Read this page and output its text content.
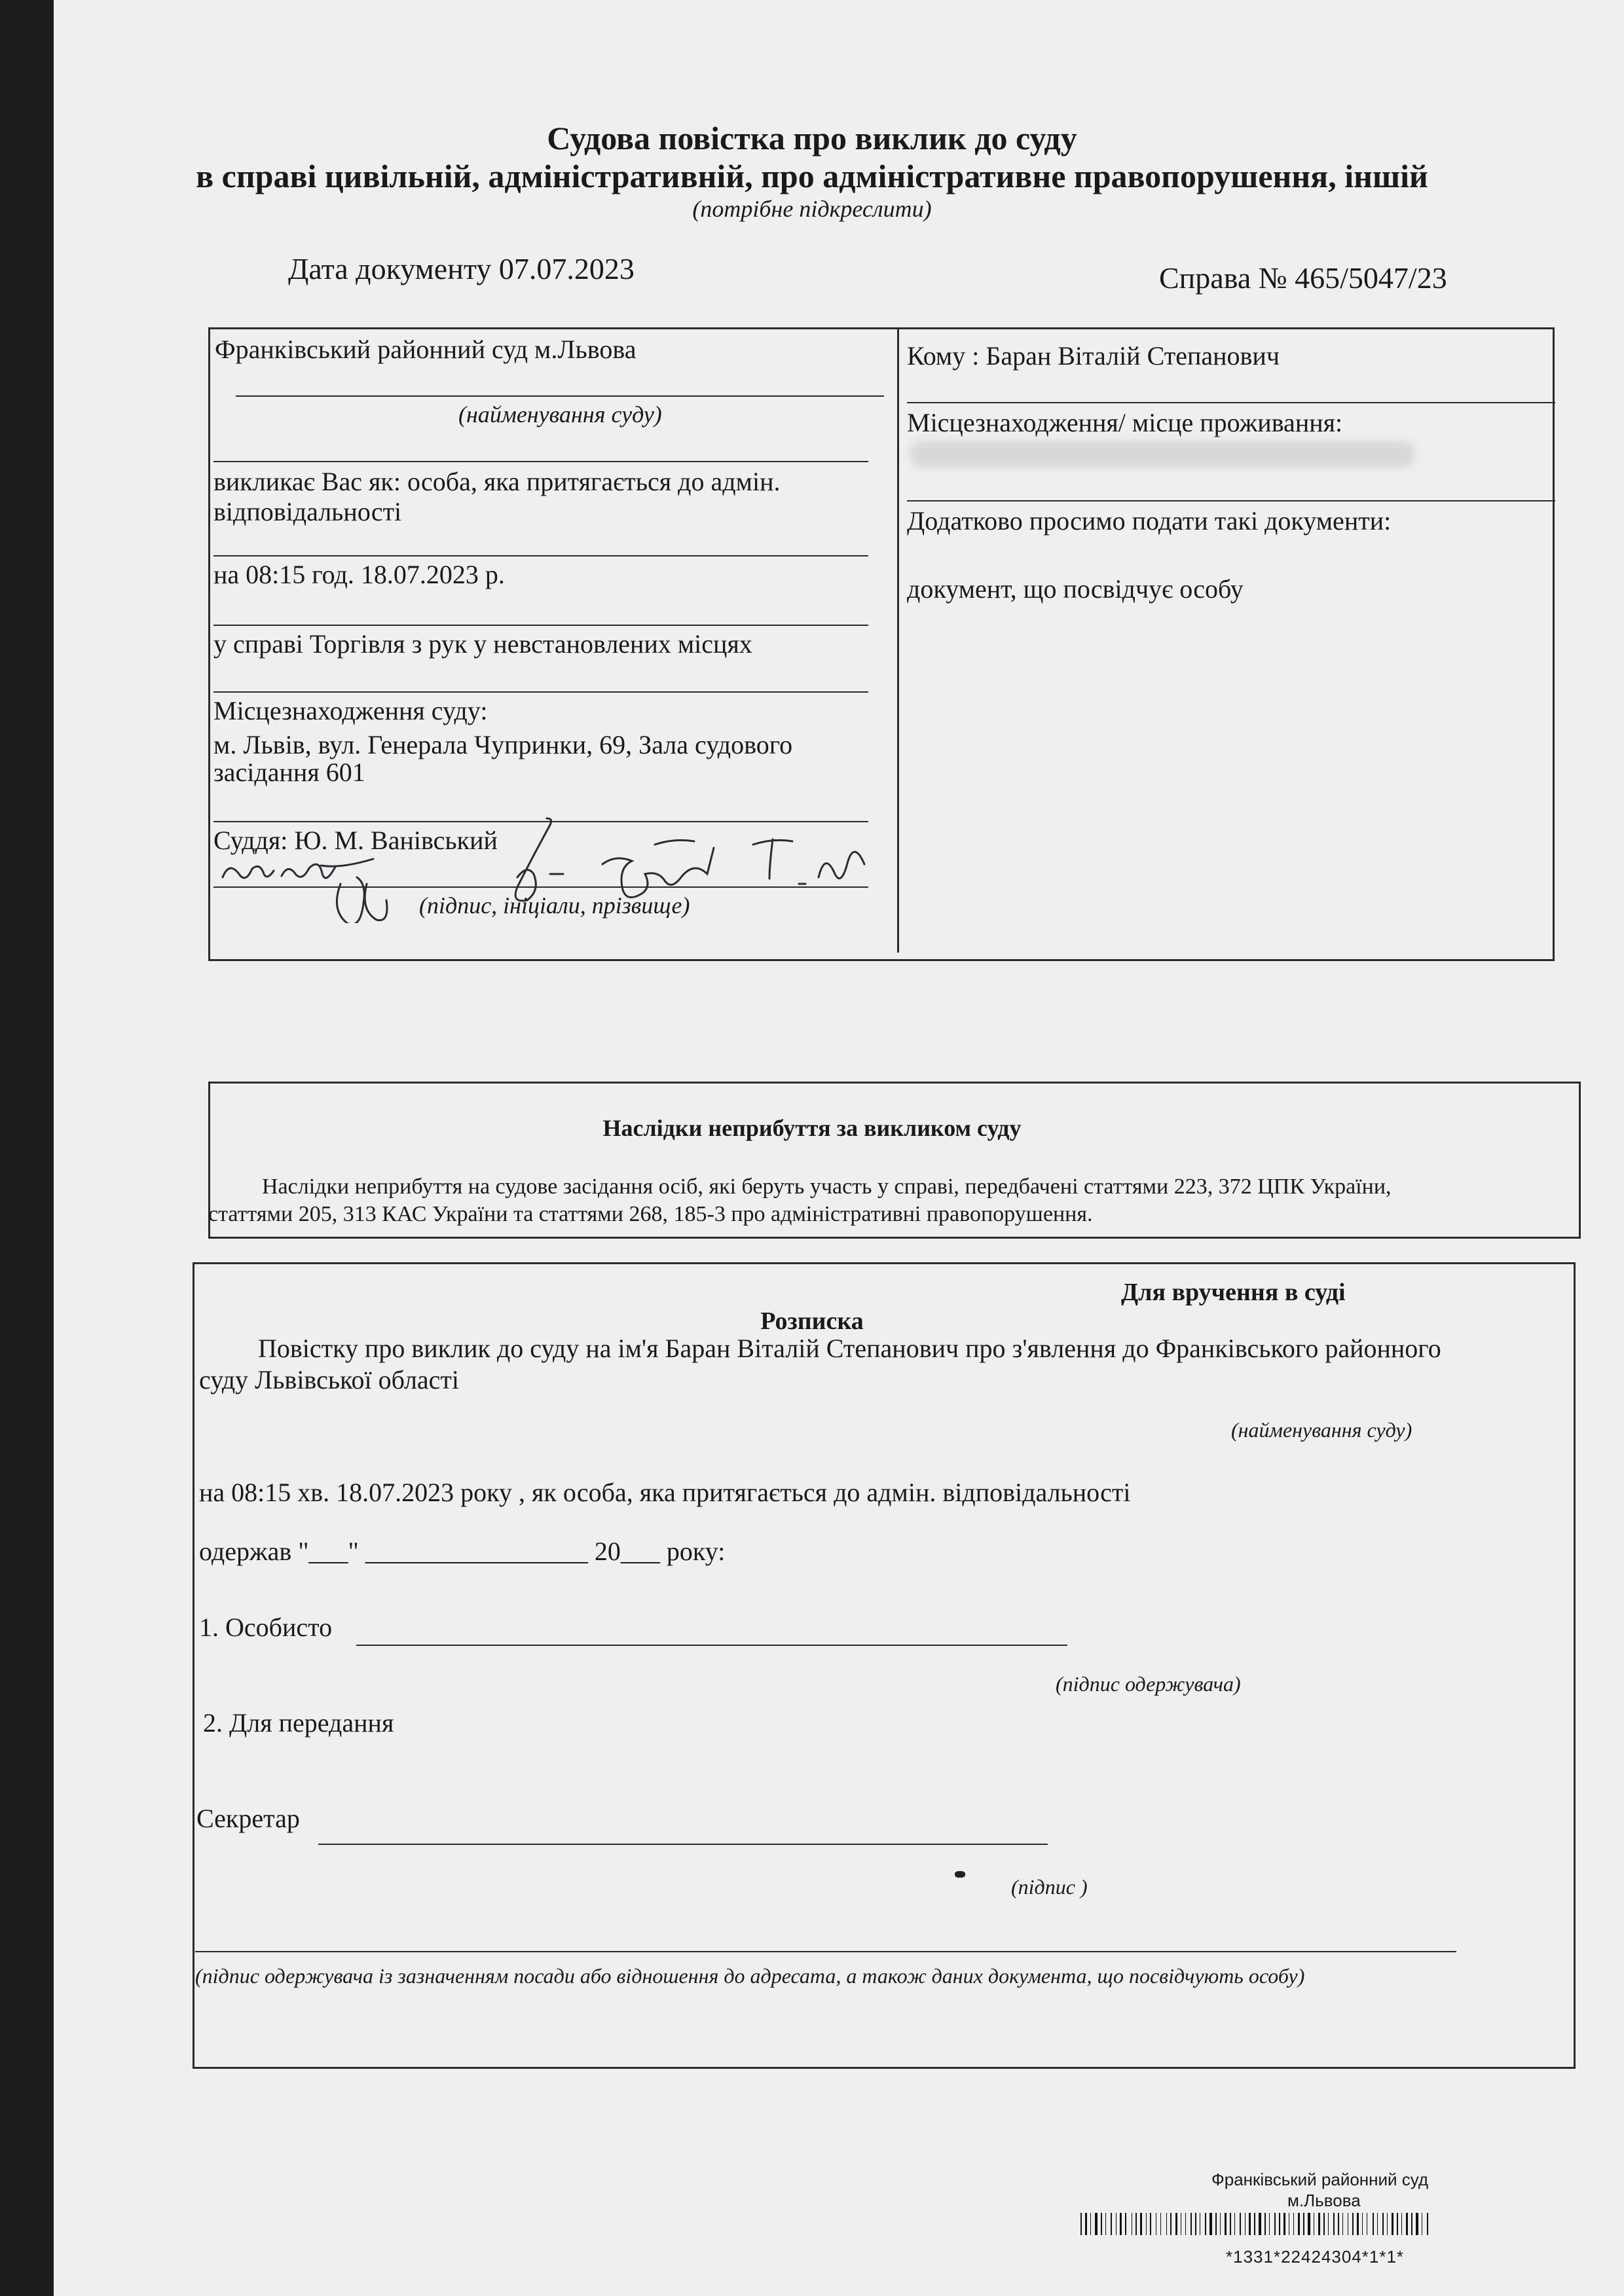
Судова повістка про виклик до суду
в справі цивільній, адміністративній, про адміністративне правопорушення, іншій
(потрібне підкреслити)
Дата документу 07.07.2023	Справа № 465/5047/23
Франківський районний суд м.Львова
(найменування суду)
викликає Вас як: особа, яка притягається до адмін.
відповідальності
на 08:15 год. 18.07.2023 р.
у справі Торгівля з рук у невстановлених місцях
Місцезнаходження суду:
м. Львів, вул. Генерала Чупринки, 69, Зала судового
засідання 601
Суддя: Ю. М. Ванівський
(підпис, ініціали, прізвище)
Кому : Баран Віталій Степанович
Місцезнаходження/ місце проживання:
Додатково просимо подати такі документи:
документ, що посвідчує особу
Наслідки неприбуття за викликом суду
Наслідки неприбуття на судове засідання осіб, які беруть участь у справі, передбачені статтями 223, 372 ЦПК України,
статтями 205, 313 КАС України та статтями 268, 185-3 про адміністративні правопорушення.
Для вручення в суді
Розписка
Повістку про виклик до суду на ім'я Баран Віталій Степанович про з'явлення до Франківського районного
суду Львівської області
(найменування суду)
на 08:15 хв. 18.07.2023 року , як особа, яка притягається до адмін. відповідальності
одержав "___" _________________ 20___ року:
1. Особисто
(підпис одержувача)
2. Для передання
Секретар
(підпис )
(підпис одержувача із зазначенням посади або відношення до адресата, а також даних документа, що посвідчують особу)
Франківський районний суд
м.Львова
*1331*22424304*1*1*
